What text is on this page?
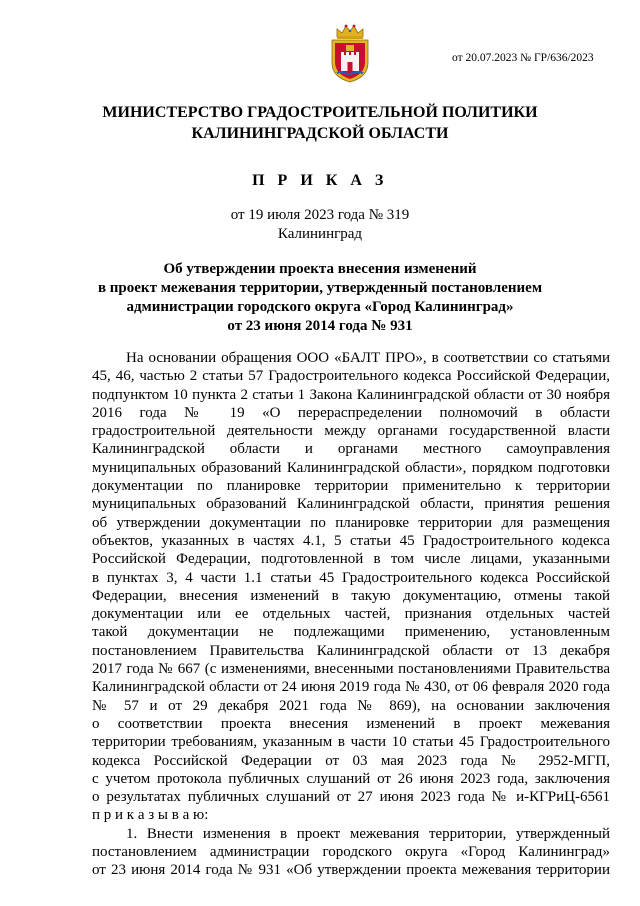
от 20.07.2023 № ГР/636/2023
МИНИСТЕРСТВО ГРАДОСТРОИТЕЛЬНОЙ ПОЛИТИКИ
КАЛИНИНГРАДСКОЙ ОБЛАСТИ
П Р И К А З
от 19 июля 2023 года № 319
Калининград
Об утверждении проекта внесения изменений
в проект межевания территории, утвержденный постановлением
администрации городского округа «Город Калининград»
от 23 июня 2014 года № 931
На основании обращения ООО «БАЛТ ПРО», в соответствии со статьями
45, 46, частью 2 статьи 57 Градостроительного кодекса Российской Федерации,
подпунктом 10 пункта 2 статьи 1 Закона Калининградской области от 30 ноября
2016 года № 19 «О перераспределении полномочий в области
градостроительной деятельности между органами государственной власти
Калининградской области и органами местного самоуправления
муниципальных образований Калининградской области», порядком подготовки
документации по планировке территории применительно к территории
муниципальных образований Калининградской области, принятия решения
об утверждении документации по планировке территории для размещения
объектов, указанных в частях 4.1, 5 статьи 45 Градостроительного кодекса
Российской Федерации, подготовленной в том числе лицами, указанными
в пунктах 3, 4 части 1.1 статьи 45 Градостроительного кодекса Российской
Федерации, внесения изменений в такую документацию, отмены такой
документации или ее отдельных частей, признания отдельных частей
такой документации не подлежащими применению, установленным
постановлением Правительства Калининградской области от 13 декабря
2017 года № 667 (с изменениями, внесенными постановлениями Правительства
Калининградской области от 24 июня 2019 года № 430, от 06 февраля 2020 года
№ 57 и от 29 декабря 2021 года № 869), на основании заключения
о соответствии проекта внесения изменений в проект межевания
территории требованиям, указанным в части 10 статьи 45 Градостроительного
кодекса Российской Федерации от 03 мая 2023 года № 2952-МГП,
с учетом протокола публичных слушаний от 26 июня 2023 года, заключения
о результатах публичных слушаний от 27 июня 2023 года № и-КГРиЦ-6561
п р и к а з ы в а ю:
1. Внести изменения в проект межевания территории, утвержденный
постановлением администрации городского округа «Город Калининград»
от 23 июня 2014 года № 931 «Об утверждении проекта межевания территории
